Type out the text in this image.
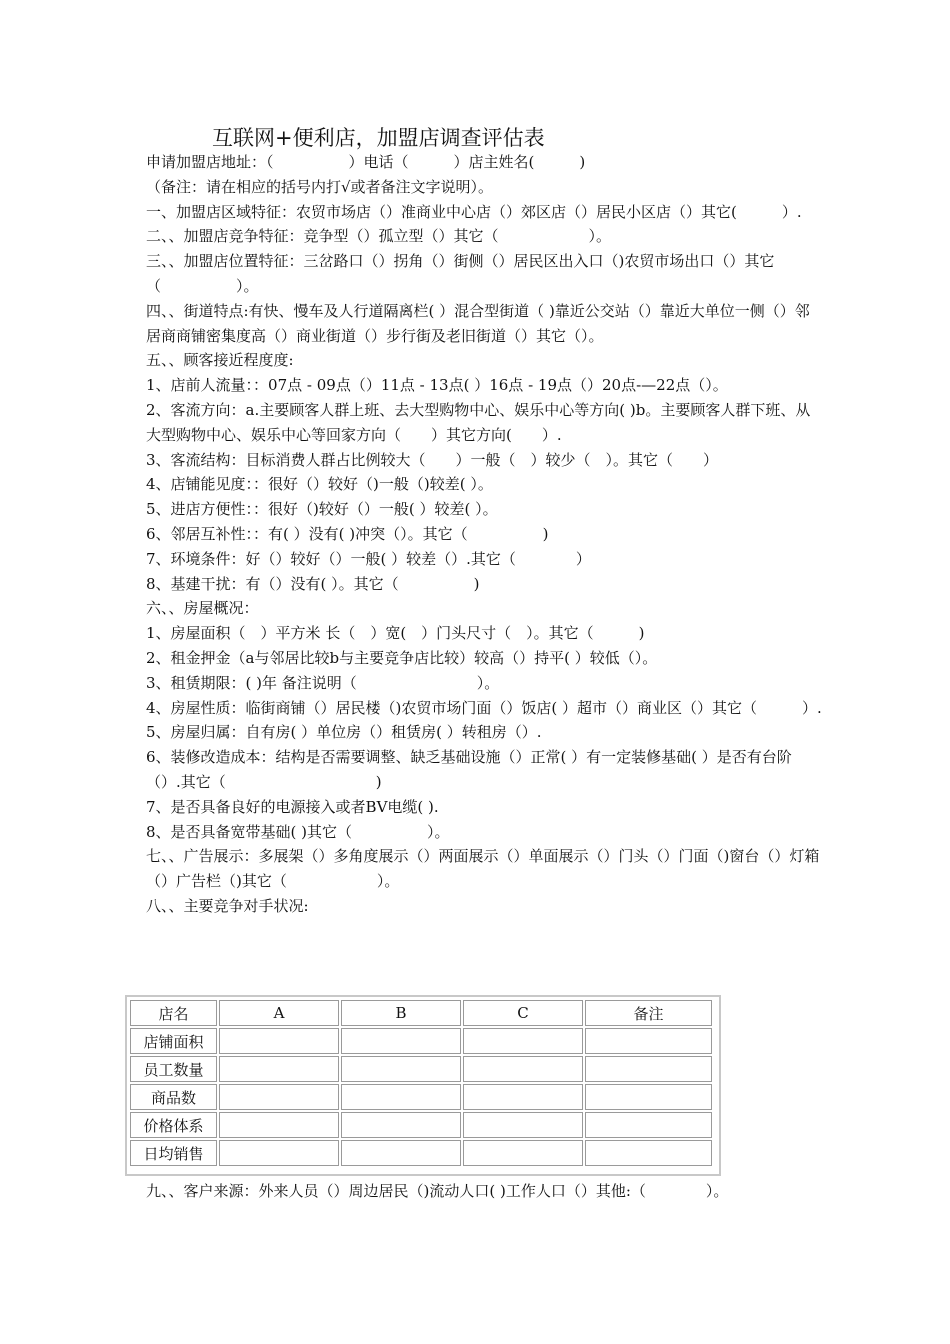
互联网+便利店，加盟店调查评估表
申请加盟店地址：（　　　　　）电话（　　　）店主姓名(　　　)
（备注：请在相应的括号内打√或者备注文字说明）。
一、加盟店区域特征：农贸市场店（）准商业中心店（）郊区店（）居民小区店（）其它(　　　）.
二、、加盟店竞争特征：竞争型（）孤立型（）其它（　　　　　　）。
三、、加盟店位置特征：三岔路口（）拐角（）街侧（）居民区出入口（)农贸市场出口（）其它（　　　　　）。
四、、街道特点:有快、慢车及人行道隔离栏( ）混合型街道（ )靠近公交站（）靠近大单位一侧（）邻居商商铺密集度高（）商业街道（）步行街及老旧街道（）其它（）。
五、、顾客接近程度度:
1、店前人流量：：07点 - 09点（）11点 - 13点( ）16点 - 19点（）20点-—22点（）。
2、客流方向：a.主要顾客人群上班、去大型购物中心、娱乐中心等方向( )b。主要顾客人群下班、从大型购物中心、娱乐中心等回家方向（　　）其它方向(　　）.
3、客流结构：目标消费人群占比例较大（　　）一般（　）较少（　）。其它（　　）
4、店铺能见度：：很好（）较好（)一般（)较差( ）。
5、进店方便性：：很好（)较好（）一般( ）较差( ）。
6、邻居互补性：：有( ）没有( )冲突（）。其它（　　　　　)
7、环境条件：好（）较好（）一般( ）较差（）.其它（　　　　）
8、基建干扰：有（）没有( ）。其它（　　　　　)
六、、房屋概况：
1、房屋面积（　）平方米 长（　）宽(　）门头尺寸（　）。其它（　　　)
2、租金押金（a与邻居比较b与主要竞争店比较）较高（）持平( ）较低（）。
3、租赁期限：( )年 备注说明（　　　　　　　　）。
4、房屋性质：临街商铺（）居民楼（)农贸市场门面（）饭店( ）超市（）商业区（）其它（　　　）.
5、房屋归属：自有房( ）单位房（）租赁房( ）转租房（）.
6、装修改造成本：结构是否需要调整、缺乏基础设施（）正常( ）有一定装修基础( ）是否有台阶（）.其它（　　　　　　　　　　)
7、是否具备良好的电源接入或者BV电缆( ).
8、是否具备宽带基础( )其它（　　　　　）。
七、、广告展示：多展架（）多角度展示（）两面展示（）单面展示（）门头（）门面（)窗台（）灯箱（）广告栏（)其它（　　　　　　）。
八、、主要竞争对手状况:
店名	A	B	C	备注
店铺面积				
员工数量				
商品数				
价格体系				
日均销售				
九、、客户来源：外来人员（）周边居民（)流动人口( )工作人口（）其他:（　　　　）。
